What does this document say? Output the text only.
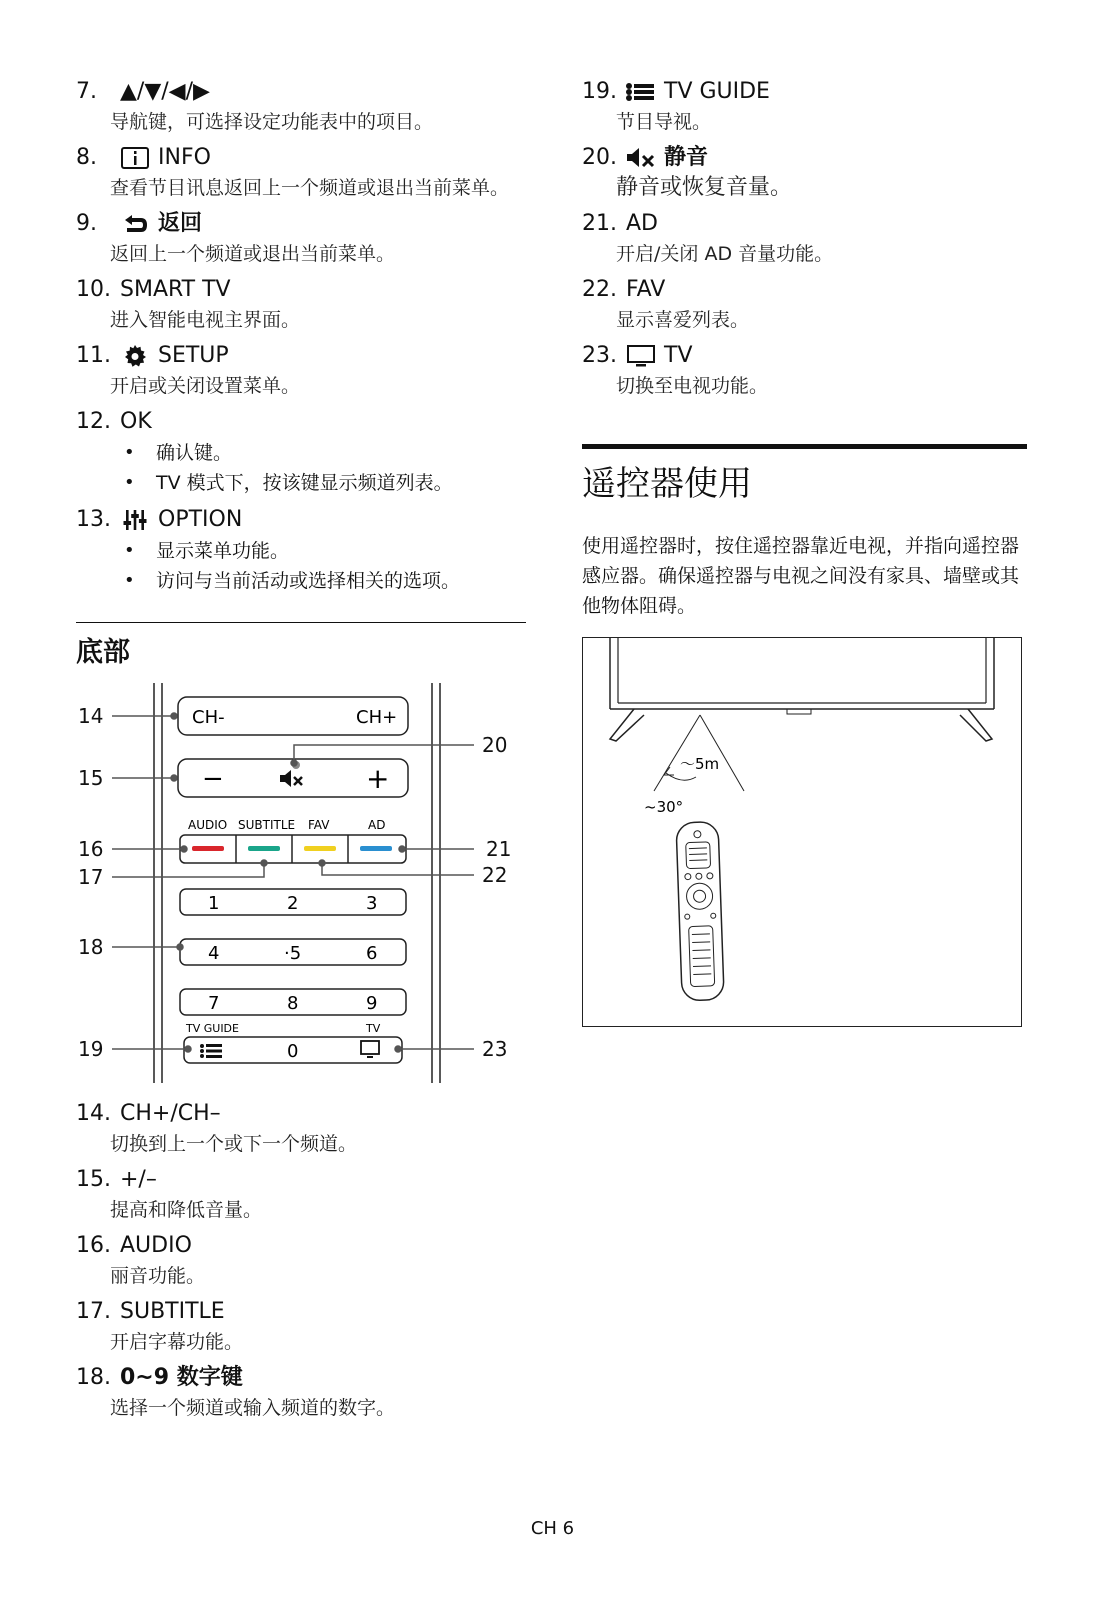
7.	▲/▼/◀/▶
导航键，可选择设定功能表中的项目。
8.	INFO
查看节目讯息返回上一个频道或退出当前菜单。
9.	返回
返回上一个频道或退出当前菜单。
10. SMART TV
进入智能电视主界面。
11.	SETUP
开启或关闭设置菜单。
12. OK
• 确认键。
• TV 模式下，按该键显示频道列表。
13.	OPTION
• 显示菜单功能。
• 访问与当前活动或选择相关的选项。
底部
CH-	CH+
−	+
AUDIO SUBTITLE FAV	AD
1	2	3
4	·5	6
7	8	9
TV GUIDE	TV
0
14
15
16
17
18
19
20
21
22
23
14. CH+/CH–
切换到上一个或下一个频道。
15. +/–
提高和降低音量。
16. AUDIO
丽音功能。
17. SUBTITLE
开启字幕功能。
18. 0~9 数字键
选择一个频道或输入频道的数字。
19.	TV GUIDE
节目导视。
20.	静音
静音或恢复音量。
21. AD
开启/关闭 AD 音量功能。
22. FAV
显示喜爱列表。
23.	TV
切换至电视功能。
遥控器使用
使用遥控器时，按住遥控器靠近电视，并指向遥控器感应器。确保遥控器与电视之间没有家具、墙壁或其他物体阻碍。
～5m
~30°
CH 6
